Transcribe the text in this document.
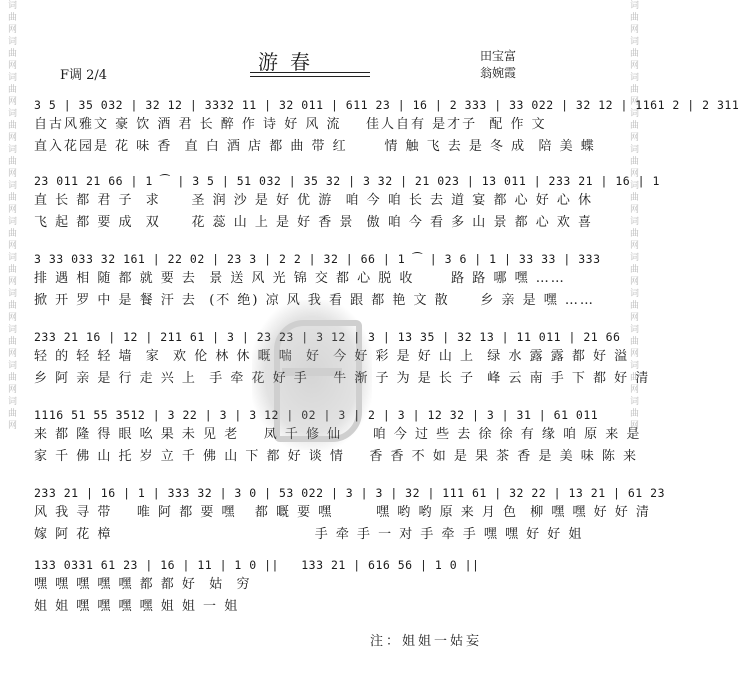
词曲网词曲网词曲网词曲网词曲网词曲网词曲网词曲网词曲网词曲网词曲网词曲网	词曲网词曲网词曲网词曲网词曲网词曲网词曲网词曲网词曲网词曲网词曲网词曲网
游春
F调 2/4
田宝富
翁婉霞
3 5 | 35 032 | 32 12 | 3332 11 | 32 011 | 611 23 | 16 | 2 333 | 33 022 | 32 12 | 1161 2 | 2 311
自古风雅文 豪 饮 酒 君 长 醉 作 诗 好 风 流    佳人自有 是才子  配 作 文
直入花园是 花 味 香  直 白 酒 店 都 曲 带 红      情 触 飞 去 是 冬 成  陪 美 蝶
23 011 21 66 | 1 ⁀ | 3 5 | 51 032 | 35 32 | 3 32 | 21 023 | 13 011 | 233 21 | 16 | 1
直 长 都 君 子  求     圣 润 沙 是 好 优 游  咱 今 咱 长 去 道 宴 都 心 好 心 休
飞 起 都 要 成  双     花 蕊 山 上 是 好 香 景  傲 咱 今 看 多 山 景 都 心 欢 喜
3 33 033 32 161 | 22 02 | 23 3 | 2 2 | 32 | 66 | 1 ⁀ | 3 6 | 1 | 33 33 | 333
排 遇 相 随 都 就 要 去  景 送 风 光 锦 交 都 心 脱 收      路 路 哪 嘿 ……
掀 开 罗 中 是 餐 汗 去  (不 绝) 凉 风 我 看 跟 都 艳 文 散     乡 亲 是 嘿 ……
233 21 16 | 12 | 211 61 | 3 | 23 23 | 3 12 | 3 | 13 35 | 32 13 | 11 011 | 21 66
轻 的 轻 轻 墙  家  欢 伦 林 休 嘅 喘  好  今 好 彩 是 好 山 上  绿 水 露 露 都 好 溢
乡 阿 亲 是 行 走 兴 上  手 牵 花 好 手    牛 渐 子 为 是 长 子  峰 云 南 手 下 都 好 清
1116 51 55 3512 | 3 22 | 3 | 3 12 | 02 | 3 | 2 | 3 | 12 32 | 3 | 31 | 61 011
来 都 隆 得 眼 吆 果 未 见 老    凤 千 修 仙     咱 今 过 些 去 徐 徐 有 缘 咱 原 来 是
家 千 佛 山 托 岁 立 千 佛 山 下 都 好 谈 情    香 香 不 如 是 果 茶 香 是 美 味 陈 来
233 21 | 16 | 1 | 333 32 | 3 0 | 53 022 | 3 | 3 | 32 | 111 61 | 32 22 | 13 21 | 61 23
风 我 寻 带    唯 阿 都 要 嘿   都 嘅 要 嘿       嘿 哟 哟 原 来 月 色  柳 嘿 嘿 好 好 清
嫁 阿 花 樟                                 手 牵 手 一 对 手 牵 手 嘿 嘿 好 好 姐
133 0331 61 23 | 16 | 11 | 1 0 ||   133 21 | 616 56 | 1 0 ||
嘿 嘿 嘿 嘿 嘿 都 都 好  姑  穷
姐 姐 嘿 嘿 嘿 嘿 姐 姐 一 姐
注：姐姐一姑妄
